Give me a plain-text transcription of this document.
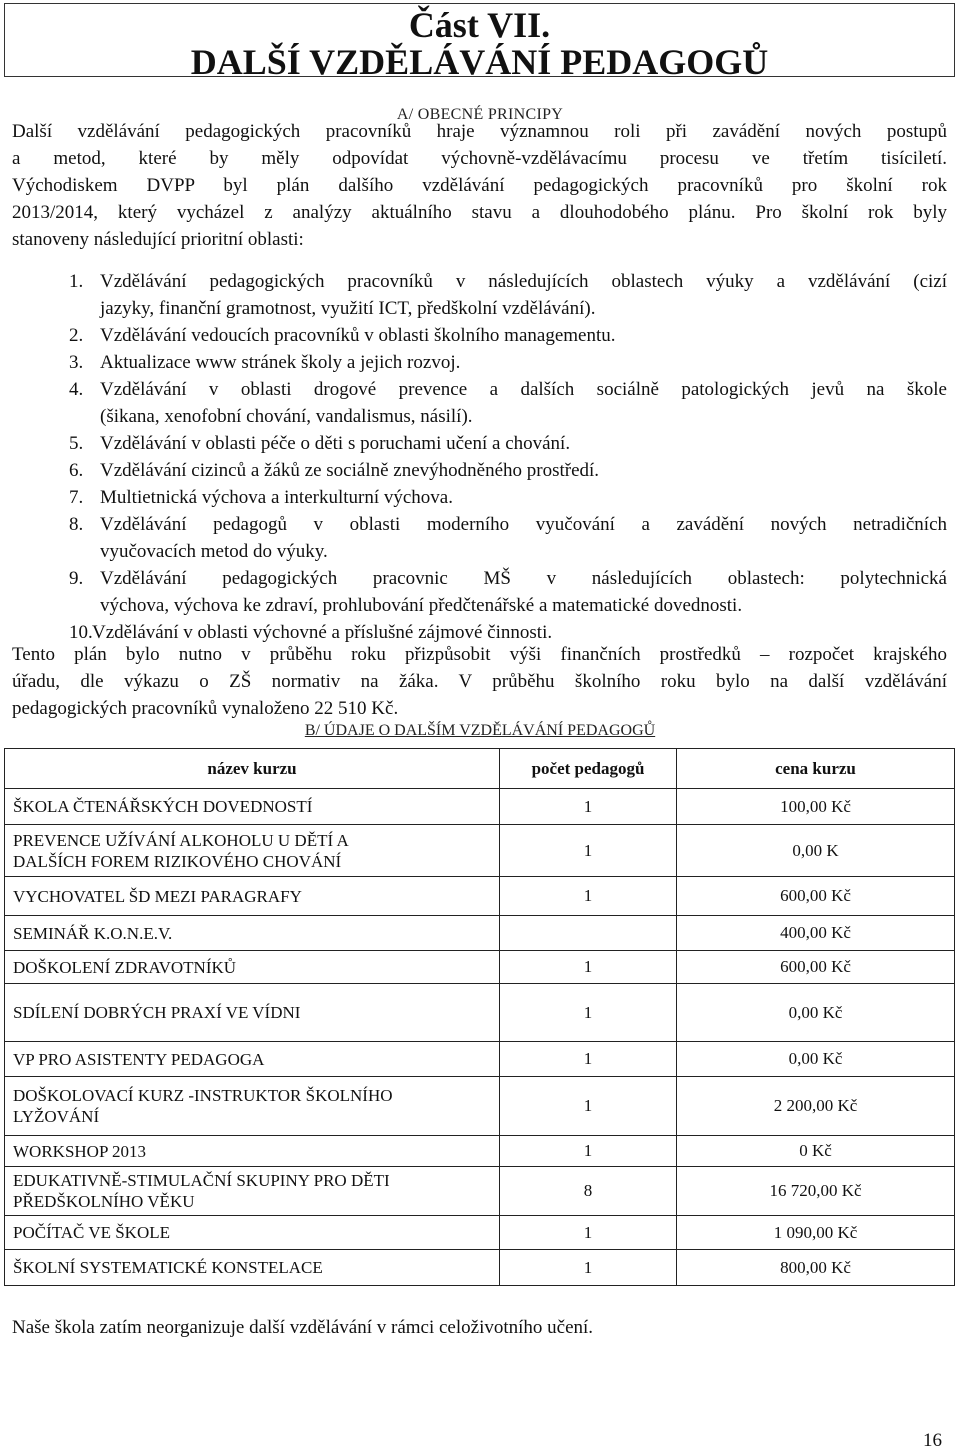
Část VII.
DALŠÍ VZDĚLÁVÁNÍ PEDAGOGŮ
A/ OBECNÉ PRINCIPY
Další vzdělávání pedagogických pracovníků hraje významnou roli při zavádění nových postupů
a metod, které by měly odpovídat výchovně-vzdělávacímu procesu ve třetím tisíciletí.
Východiskem DVPP byl plán dalšího vzdělávání pedagogických pracovníků pro školní rok
2013/2014, který vycházel z analýzy aktuálního stavu a dlouhodobého plánu. Pro školní rok byly
stanoveny následující prioritní oblasti:
1. Vzdělávání pedagogických pracovníků v následujících oblastech výuky a vzdělávání (cizí
jazyky, finanční gramotnost, využití ICT, předškolní vzdělávání).
2. Vzdělávání vedoucích pracovníků v oblasti školního managementu.
3. Aktualizace www stránek školy a jejich rozvoj.
4. Vzdělávání v oblasti drogové prevence a dalších sociálně patologických jevů na škole
(šikana, xenofobní chování, vandalismus, násilí).
5. Vzdělávání v oblasti péče o děti s poruchami učení a chování.
6. Vzdělávání cizinců a žáků ze sociálně znevýhodněného prostředí.
7. Multietnická výchova a interkulturní výchova.
8. Vzdělávání pedagogů v oblasti moderního vyučování a zavádění nových netradičních
vyučovacích metod do výuky.
9. Vzdělávání pedagogických pracovnic MŠ v následujících oblastech: polytechnická
výchova, výchova ke zdraví, prohlubování předčtenářské a matematické dovednosti.
10. Vzdělávání v oblasti výchovné a příslušné zájmové činnosti.
Tento plán bylo nutno v průběhu roku přizpůsobit výši finančních prostředků – rozpočet krajského
úřadu, dle výkazu o ZŠ normativ na žáka. V průběhu školního roku bylo na další vzdělávání
pedagogických pracovníků vynaloženo 22 510 Kč.
B/ ÚDAJE O DALŠÍM VZDĚLÁVÁNÍ PEDAGOGŮ
název kurzu	počet pedagogů	cena kurzu
ŠKOLA ČTENÁŘSKÝCH DOVEDNOSTÍ	1	100,00 Kč

PREVENCE UŽÍVÁNÍ ALKOHOLU U DĚTÍ A
DALŠÍCH FOREM RIZIKOVÉHO CHOVÁNÍ	1	0,00 K
VYCHOVATEL ŠD MEZI PARAGRAFY	1	600,00 Kč
SEMINÁŘ K.O.N.E.V.		400,00 Kč
DOŠKOLENÍ ZDRAVOTNÍKŮ	1	600,00 Kč
SDÍLENÍ DOBRÝCH PRAXÍ VE VÍDNI	1	0,00 Kč
VP PRO ASISTENTY PEDAGOGA	1	0,00 Kč

DOŠKOLOVACÍ KURZ -INSTRUKTOR ŠKOLNÍHO
LYŽOVÁNÍ	1	2 200,00 Kč
WORKSHOP 2013	1	0 Kč

EDUKATIVNĚ-STIMULAČNÍ SKUPINY PRO DĚTI
PŘEDŠKOLNÍHO VĚKU	8	16 720,00 Kč
POČÍTAČ VE ŠKOLE	1	1 090,00 Kč
ŠKOLNÍ SYSTEMATICKÉ KONSTELACE	1	800,00 Kč
Naše škola zatím neorganizuje další vzdělávání v rámci celoživotního učení.
16
